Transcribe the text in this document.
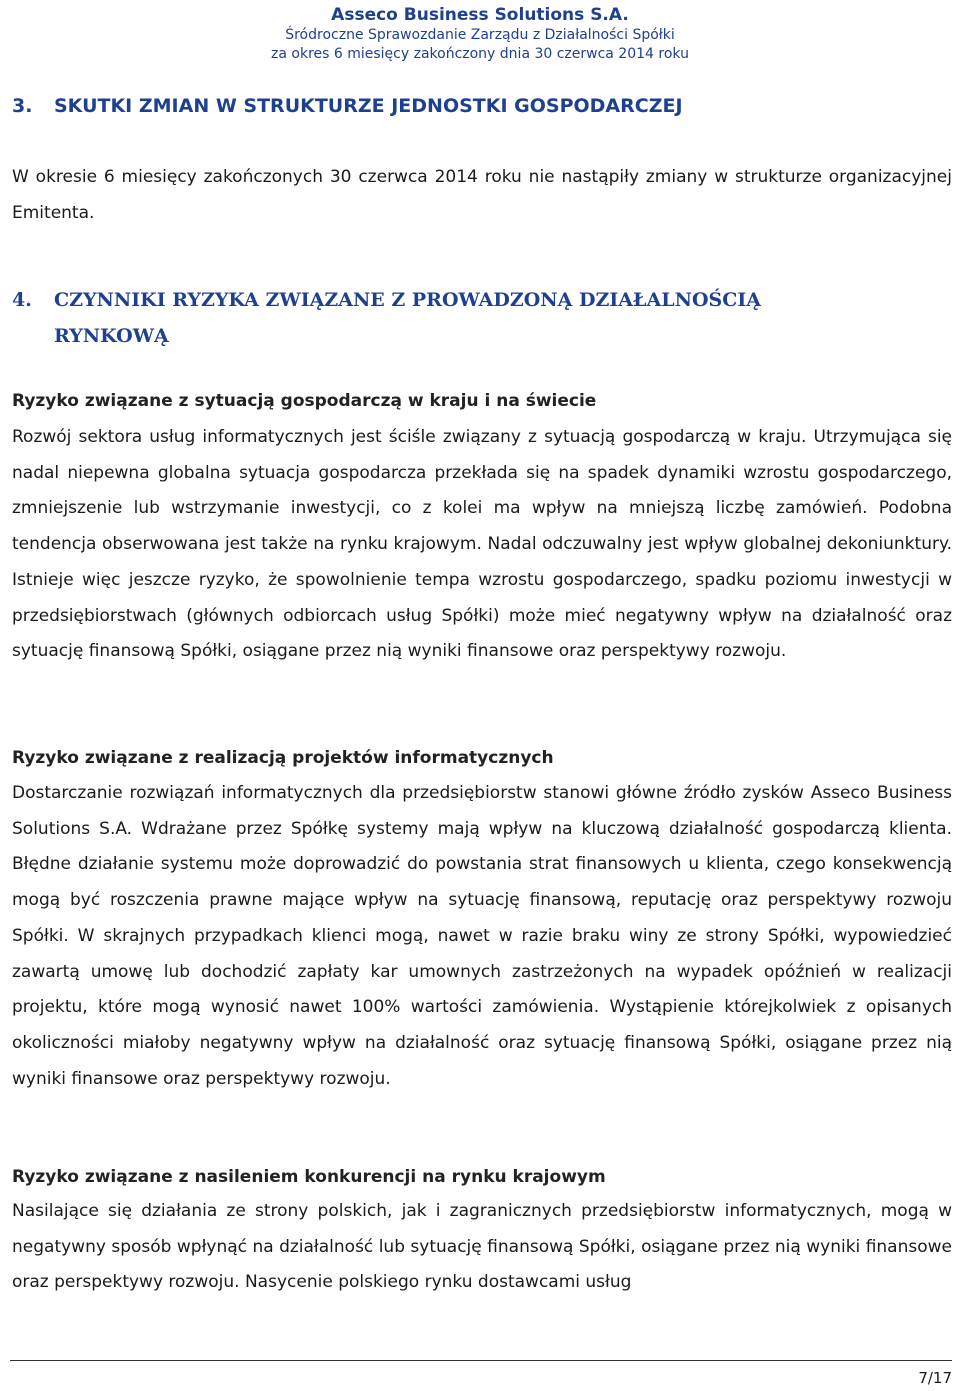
Asseco Business Solutions S.A.
Śródroczne Sprawozdanie Zarządu z Działalności Spółki
za okres 6 miesięcy zakończony dnia 30 czerwca 2014 roku
3. SKUTKI ZMIAN W STRUKTURZE JEDNOSTKI GOSPODARCZEJ

W okresie 6 miesięcy zakończonych 30 czerwca 2014 roku nie nastąpiły zmiany w strukturze organizacyjnej Emitenta.

4. CZYNNIKI RYZYKA ZWIĄZANE Z PROWADZONĄ DZIAŁALNOŚCIĄ
RYNKOWĄ
Ryzyko związane z sytuacją gospodarczą w kraju i na świecie

Rozwój sektora usług informatycznych jest ściśle związany z sytuacją gospodarczą w kraju. Utrzymująca się nadal niepewna globalna sytuacja gospodarcza przekłada się na spadek dynamiki wzrostu gospodarczego, zmniejszenie lub wstrzymanie inwestycji, co z kolei ma wpływ na mniejszą liczbę zamówień. Podobna tendencja obserwowana jest także na rynku krajowym. Nadal odczuwalny jest wpływ globalnej dekoniunktury. Istnieje więc jeszcze ryzyko, że spowolnienie tempa wzrostu gospodarczego, spadku poziomu inwestycji w przedsiębiorstwach (głównych odbiorcach usług Spółki) może mieć negatywny wpływ na działalność oraz sytuację finansową Spółki, osiągane przez nią wyniki finansowe oraz perspektywy rozwoju.

Ryzyko związane z realizacją projektów informatycznych

Dostarczanie rozwiązań informatycznych dla przedsiębiorstw stanowi główne źródło zysków Asseco Business Solutions S.A. Wdrażane przez Spółkę systemy mają wpływ na kluczową działalność gospodarczą klienta. Błędne działanie systemu może doprowadzić do powstania strat finansowych u klienta, czego konsekwencją mogą być roszczenia prawne mające wpływ na sytuację finansową, reputację oraz perspektywy rozwoju Spółki. W skrajnych przypadkach klienci mogą, nawet w razie braku winy ze strony Spółki, wypowiedzieć zawartą umowę lub dochodzić zapłaty kar umownych zastrzeżonych na wypadek opóźnień w realizacji projektu, które mogą wynosić nawet 100% wartości zamówienia. Wystąpienie którejkolwiek z opisanych okoliczności miałoby negatywny wpływ na działalność oraz sytuację finansową Spółki, osiągane przez nią wyniki finansowe oraz perspektywy rozwoju.

Ryzyko związane z nasileniem konkurencji na rynku krajowym

Nasilające się działania ze strony polskich, jak i zagranicznych przedsiębiorstw informatycznych, mogą w negatywny sposób wpłynąć na działalność lub sytuację finansową Spółki, osiągane przez nią wyniki finansowe oraz perspektywy rozwoju. Nasycenie polskiego rynku dostawcami usług

7/17
